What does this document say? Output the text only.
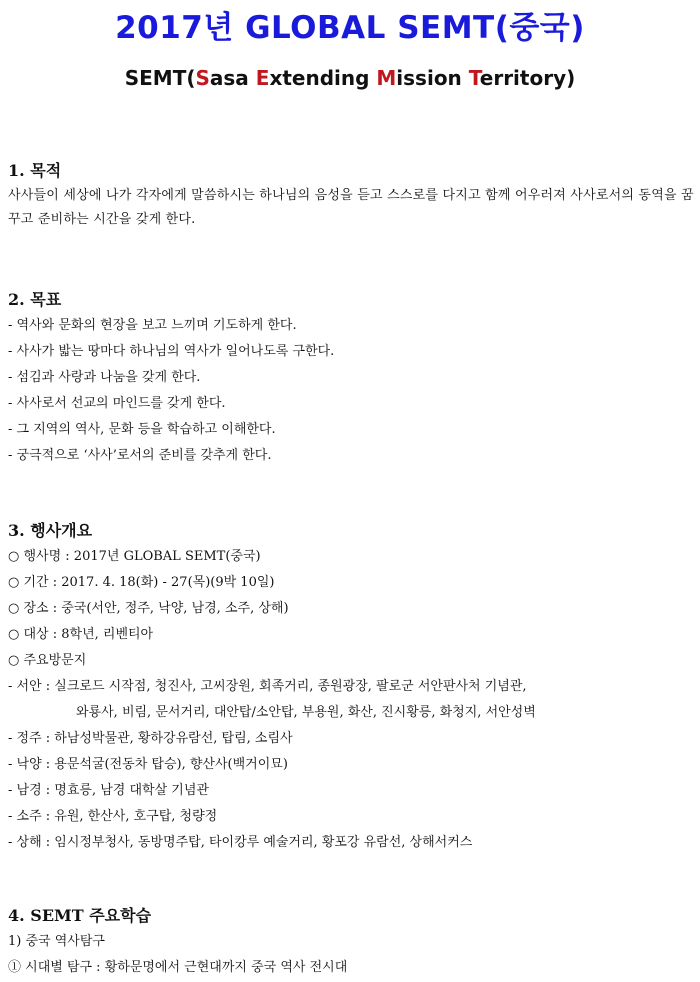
2017년 GLOBAL SEMT(중국)
SEMT(Sasa Extending Mission Territory)
1. 목적
사사들이 세상에 나가 각자에게 말씀하시는 하나님의 음성을 듣고 스스로를 다지고 함께 어우러져 사사로서의 동역을 꿈꾸고 준비하는 시간을 갖게 한다.
2. 목표
- 역사와 문화의 현장을 보고 느끼며 기도하게 한다.
- 사사가 밟는 땅마다 하나님의 역사가 일어나도록 구한다.
- 섬김과 사랑과 나눔을 갖게 한다.
- 사사로서 선교의 마인드를 갖게 한다.
- 그 지역의 역사, 문화 등을 학습하고 이해한다.
- 궁극적으로 ‘사사’로서의 준비를 갖추게 한다.
3. 행사개요
○ 행사명 : 2017년 GLOBAL SEMT(중국)
○ 기간 : 2017. 4. 18(화) - 27(목)(9박 10일)
○ 장소 : 중국(서안, 정주, 낙양, 남경, 소주, 상해)
○ 대상 : 8학년, 리벤티아
○ 주요방문지
- 서안 : 실크로드 시작점, 청진사, 고씨장원, 회족거리, 종원광장, 팔로군 서안판사처 기념관,
와룡사, 비림, 문서거리, 대안탑/소안탑, 부용원, 화산, 진시황릉, 화청지, 서안성벽
- 정주 : 하남성박물관, 황하강유람선, 탑림, 소림사
- 낙양 : 용문석굴(전동차 탑승), 향산사(백거이묘)
- 남경 : 명효릉, 남경 대학살 기념관
- 소주 : 유원, 한산사, 호구탑, 청량정
- 상해 : 임시정부청사, 동방명주탑, 타이캉루 예술거리, 황포강 유람선, 상해서커스
4. SEMT 주요학습
1) 중국 역사탐구
① 시대별 탐구 : 황하문명에서 근현대까지 중국 역사 전시대
